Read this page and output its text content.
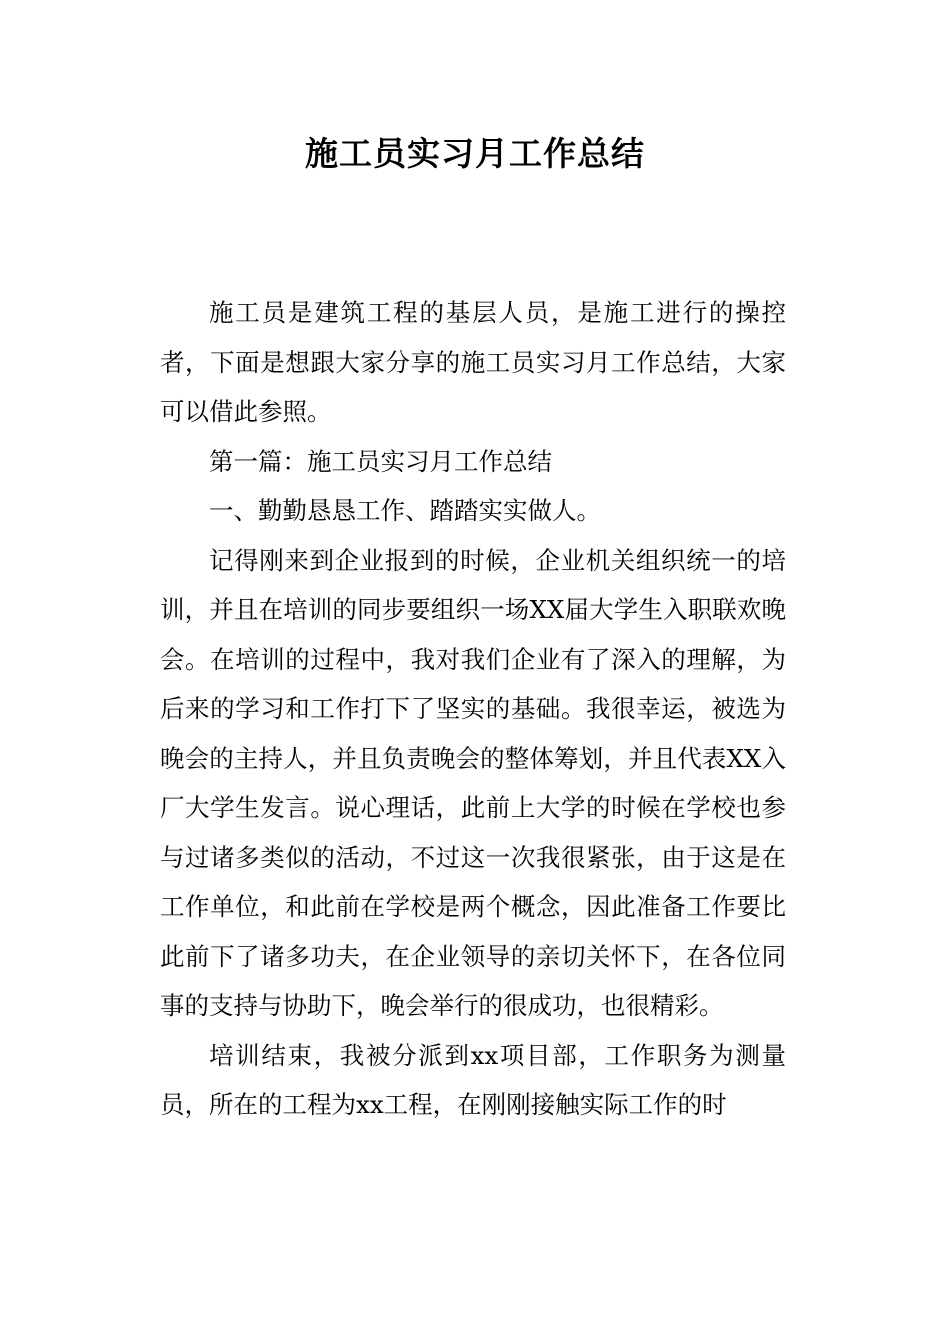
施工员实习月工作总结

施工员是建筑工程的基层人员，是施工进行的操控者，下面是想跟大家分享的施工员实习月工作总结，大家可以借此参照。

第一篇：施工员实习月工作总结

一、勤勤恳恳工作、踏踏实实做人。

记得刚来到企业报到的时候，企业机关组织统一的培训，并且在培训的同步要组织一场XX届大学生入职联欢晚会。在培训的过程中，我对我们企业有了深入的理解，为后来的学习和工作打下了坚实的基础。我很幸运，被选为晚会的主持人，并且负责晚会的整体筹划，并且代表XX入厂大学生发言。说心理话，此前上大学的时候在学校也参与过诸多类似的活动，不过这一次我很紧张，由于这是在工作单位，和此前在学校是两个概念，因此准备工作要比此前下了诸多功夫，在企业领导的亲切关怀下，在各位同事的支持与协助下，晚会举行的很成功，也很精彩。

培训结束，我被分派到xx项目部，工作职务为测量员，所在的工程为xx工程，在刚刚接触实际工作的时
